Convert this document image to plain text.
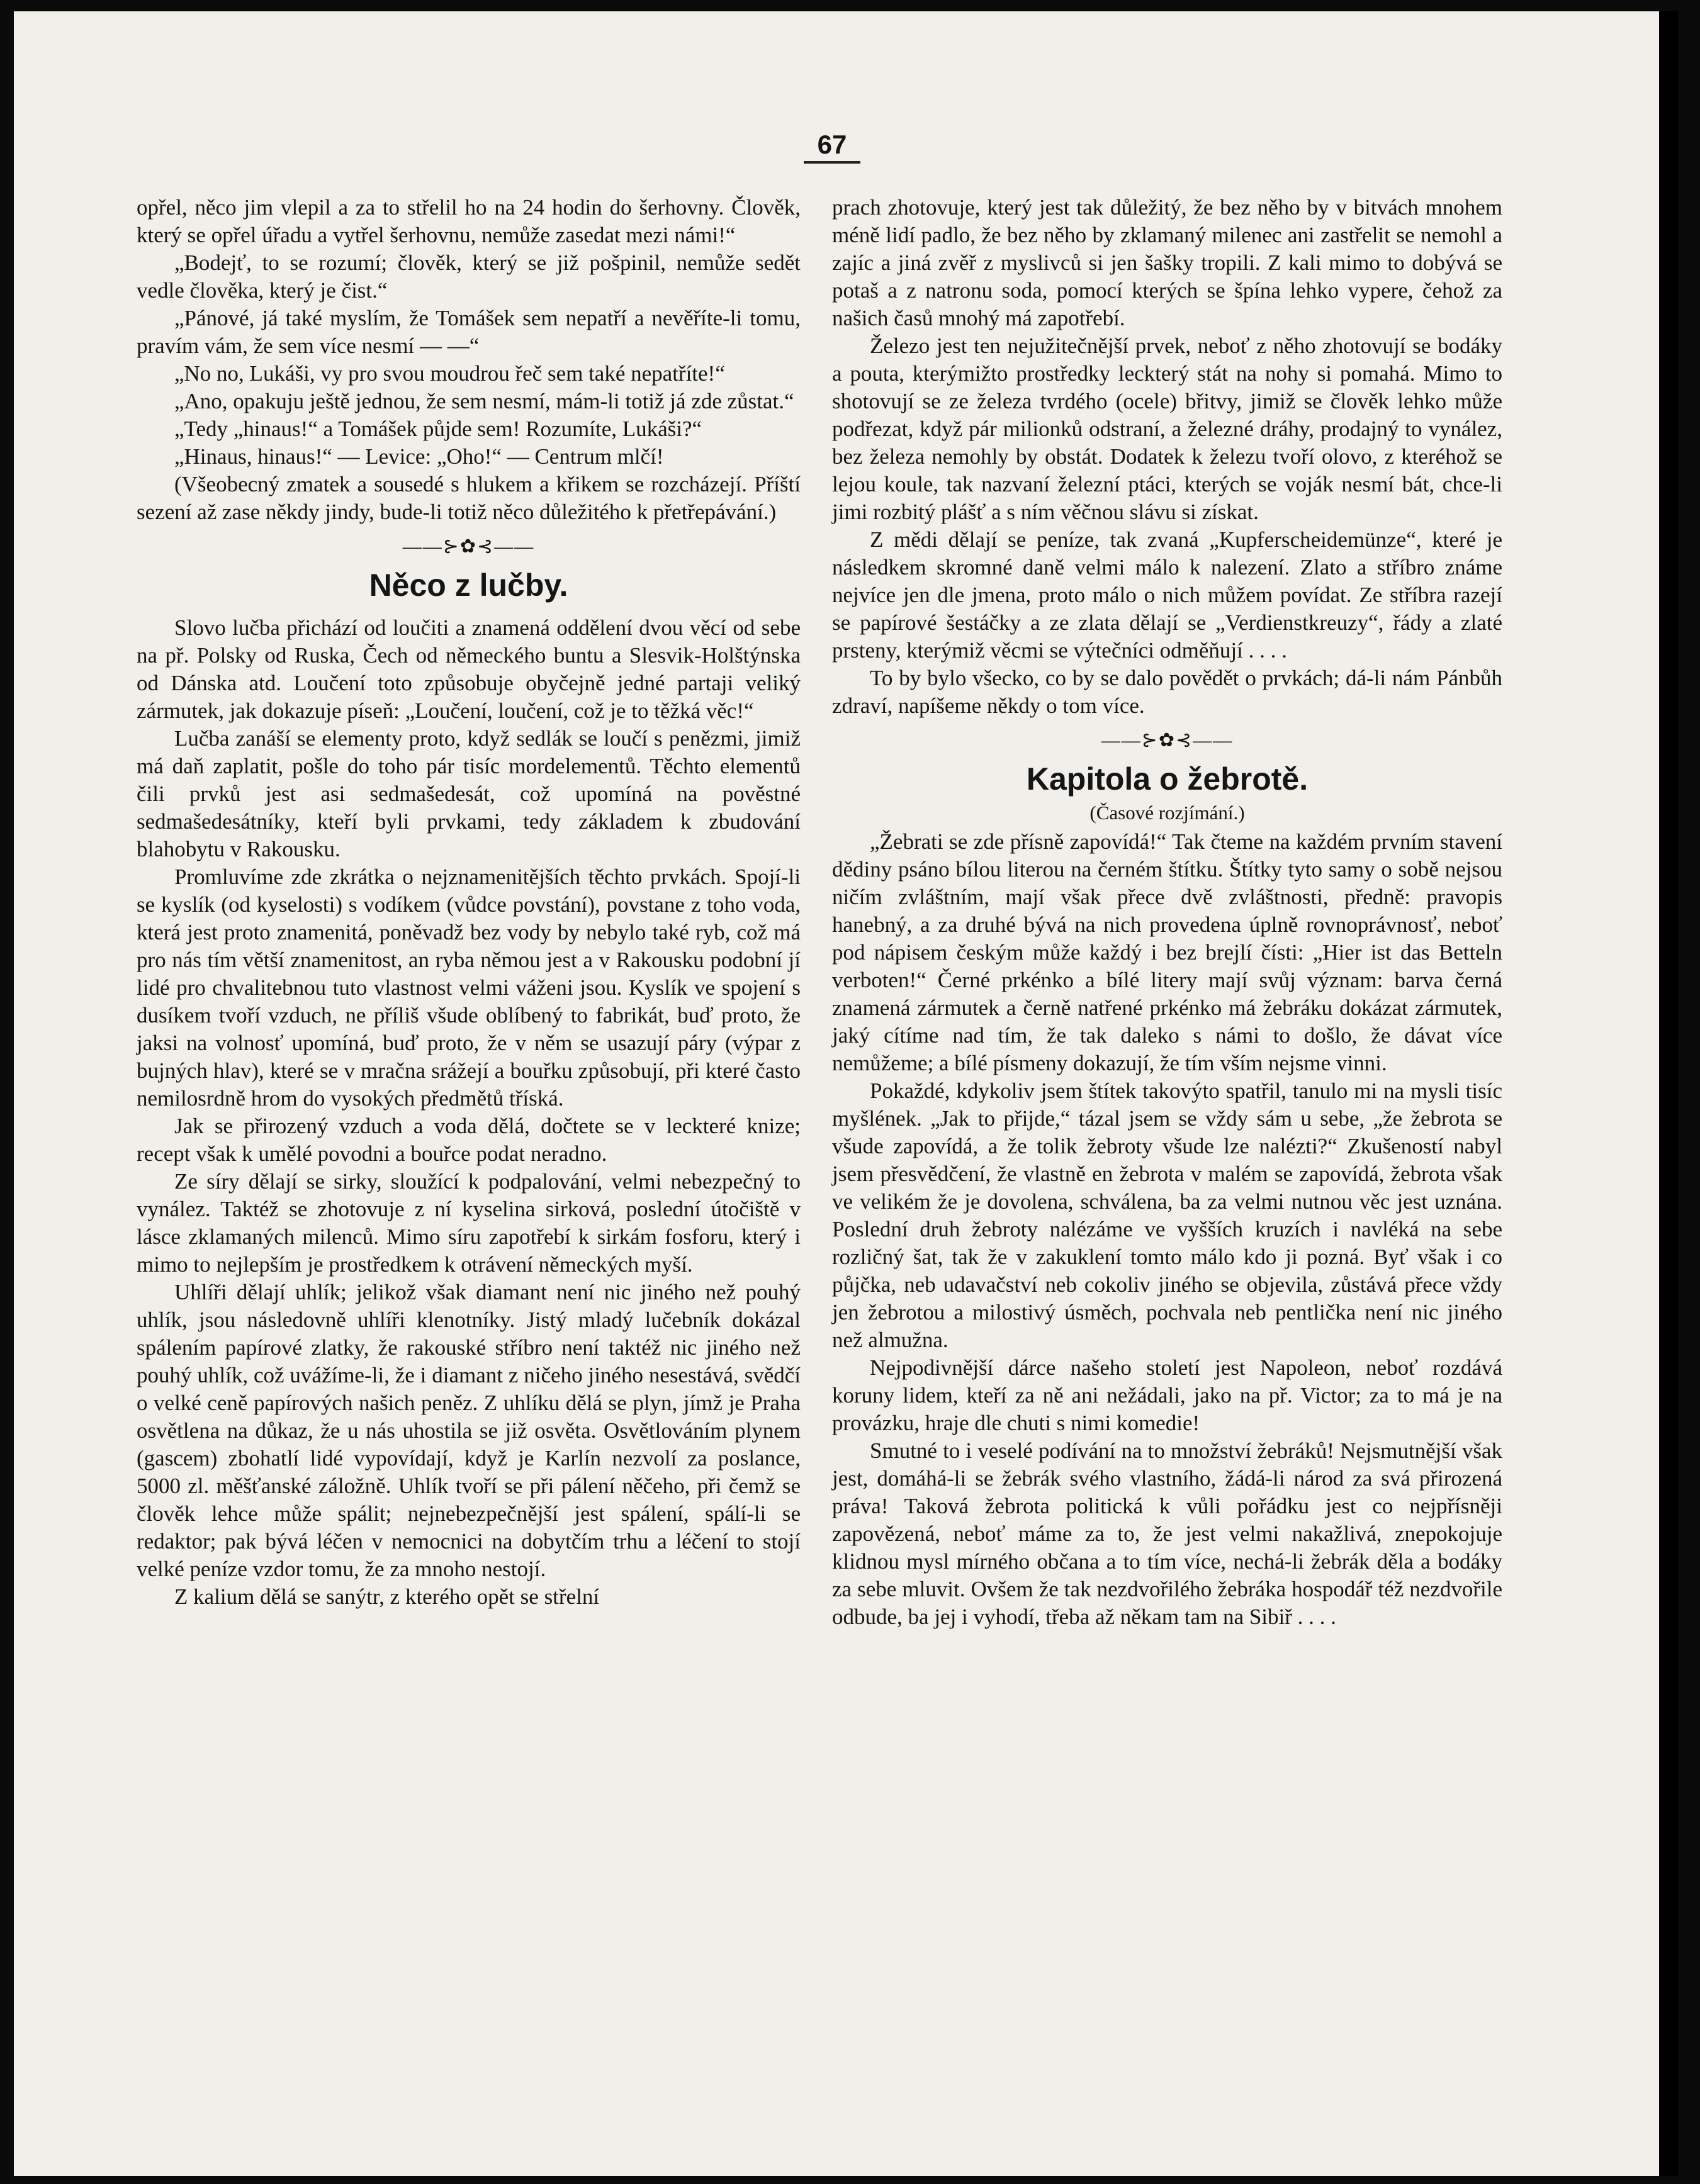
67

opřel, něco jim vlepil a za to střelil ho na 24 hodin do šerhovny. Člověk, který se opřel úřadu a vytřel šerhovnu, nemůže zasedat mezi námi!“

„Bodejť, to se rozumí; člověk, který se již pošpinil, nemůže sedět vedle člověka, který je čist.“

„Pánové, já také myslím, že Tomášek sem nepatří a nevěříte-li tomu, pravím vám, že sem více nesmí — —“

„No no, Lukáši, vy pro svou moudrou řeč sem také nepatříte!“

„Ano, opakuju ještě jednou, že sem nesmí, mám-li totiž já zde zůstat.“

„Tedy „hinaus!“ a Tomášek půjde sem! Rozumíte, Lukáši?“

„Hinaus, hinaus!“ — Levice: „Oho!“ — Centrum mlčí!

(Všeobecný zmatek a sousedé s hlukem a křikem se rozcházejí. Příští sezení až zase někdy jindy, bude-li totiž něco důležitého k přetřepávání.)

——⊱✿⊰——
Něco z lučby.

Slovo lučba přichází od loučiti a znamená oddělení dvou věcí od sebe na př. Polsky od Ruska, Čech od německého buntu a Slesvik-Holštýnska od Dánska atd. Loučení toto způsobuje obyčejně jedné partaji veliký zármutek, jak dokazuje píseň: „Loučení, loučení, což je to těžká věc!“

Lučba zanáší se elementy proto, když sedlák se loučí s penězmi, jimiž má daň zaplatit, pošle do toho pár tisíc mordelementů. Těchto elementů čili prvků jest asi sedmašedesát, což upomíná na pověstné sedmašedesátníky, kteří byli prvkami, tedy základem k zbudování blahobytu v Rakousku.

Promluvíme zde zkrátka o nejznamenitějších těchto prvkách. Spojí-li se kyslík (od kyselosti) s vodíkem (vůdce povstání), povstane z toho voda, která jest proto znamenitá, poněvadž bez vody by nebylo také ryb, což má pro nás tím větší znamenitost, an ryba němou jest a v Rakousku podobní jí lidé pro chvalitebnou tuto vlastnost velmi váženi jsou. Kyslík ve spojení s dusíkem tvoří vzduch, ne příliš všude oblíbený to fabrikát, buď proto, že jaksi na volnosť upomíná, buď proto, že v něm se usazují páry (výpar z bujných hlav), které se v mračna srážejí a bouřku způsobují, při které často nemilosrdně hrom do vysokých předmětů tříská.

Jak se přirozený vzduch a voda dělá, dočtete se v leckteré knize; recept však k umělé povodni a bouřce podat neradno.

Ze síry dělají se sirky, sloužící k podpalování, velmi nebezpečný to vynález. Taktéž se zhotovuje z ní kyselina sirková, poslední útočiště v lásce zklamaných milenců. Mimo síru zapotřebí k sirkám fosforu, který i mimo to nejlepším je prostředkem k otrávení německých myší.

Uhlíři dělají uhlík; jelikož však diamant není nic jiného než pouhý uhlík, jsou následovně uhlíři klenotníky. Jistý mladý lučebník dokázal spálením papírové zlatky, že rakouské stříbro není taktéž nic jiného než pouhý uhlík, což uvážíme-li, že i diamant z ničeho jiného nesestává, svědčí o velké ceně papírových našich peněz. Z uhlíku dělá se plyn, jímž je Praha osvětlena na důkaz, že u nás uhostila se již osvěta. Osvětlováním plynem (gascem) zbohatlí lidé vypovídají, když je Karlín nezvolí za poslance, 5000 zl. měšťanské záložně. Uhlík tvoří se při pálení něčeho, při čemž se člověk lehce může spálit; nejnebezpečnější jest spálení, spálí-li se redaktor; pak bývá léčen v nemocnici na dobytčím trhu a léčení to stojí velké peníze vzdor tomu, že za mnoho nestojí.

Z kalium dělá se sanýtr, z kterého opět se střelní

prach zhotovuje, který jest tak důležitý, že bez něho by v bitvách mnohem méně lidí padlo, že bez něho by zklamaný milenec ani zastřelit se nemohl a zajíc a jiná zvěř z myslivců si jen šašky tropili. Z kali mimo to dobývá se potaš a z natronu soda, pomocí kterých se špína lehko vypere, čehož za našich časů mnohý má zapotřebí.

Železo jest ten nejužitečnější prvek, neboť z něho zhotovují se bodáky a pouta, kterýmižto prostředky leckterý stát na nohy si pomahá. Mimo to shotovují se ze železa tvrdého (ocele) břitvy, jimiž se člověk lehko může podřezat, když pár milionků odstraní, a železné dráhy, prodajný to vynález, bez železa nemohly by obstát. Dodatek k železu tvoří olovo, z kteréhož se lejou koule, tak nazvaní železní ptáci, kterých se voják nesmí bát, chce-li jimi rozbitý plášť a s ním věčnou slávu si získat.

Z mědi dělají se peníze, tak zvaná „Kupferscheidemünze“, které je následkem skromné daně velmi málo k nalezení. Zlato a stříbro známe nejvíce jen dle jmena, proto málo o nich můžem povídat. Ze stříbra razejí se papírové šestáčky a ze zlata dělají se „Verdienstkreuzy“, řády a zlaté prsteny, kterýmiž věcmi se výtečníci odměňují . . . .

To by bylo všecko, co by se dalo povědět o prvkách; dá-li nám Pánbůh zdraví, napíšeme někdy o tom více.

——⊱✿⊰——
Kapitola o žebrotě.
(Časové rozjímání.)

„Žebrati se zde přísně zapovídá!“ Tak čteme na každém prvním stavení dědiny psáno bílou literou na černém štítku. Štítky tyto samy o sobě nejsou ničím zvláštním, mají však přece dvě zvláštnosti, předně: pravopis hanebný, a za druhé bývá na nich provedena úplně rovnoprávnosť, neboť pod nápisem českým může každý i bez brejlí čísti: „Hier ist das Betteln verboten!“ Černé prkénko a bílé litery mají svůj význam: barva černá znamená zármutek a černě natřené prkénko má žebráku dokázat zármutek, jaký cítíme nad tím, že tak daleko s námi to došlo, že dávat více nemůžeme; a bílé písmeny dokazují, že tím vším nejsme vinni.

Pokaždé, kdykoliv jsem štítek takovýto spatřil, tanulo mi na mysli tisíc myšlének. „Jak to přijde,“ tázal jsem se vždy sám u sebe, „že žebrota se všude zapovídá, a že tolik žebroty všude lze nalézti?“ Zkušeností nabyl jsem přesvědčení, že vlastně en žebrota v malém se zapovídá, žebrota však ve velikém že je dovolena, schválena, ba za velmi nutnou věc jest uznána. Poslední druh žebroty nalézáme ve vyšších kruzích i navléká na sebe rozličný šat, tak že v zakuklení tomto málo kdo ji pozná. Byť však i co půjčka, neb udavačství neb cokoliv jiného se objevila, zůstává přece vždy jen žebrotou a milostivý úsměch, pochvala neb pentlička není nic jiného než almužna.

Nejpodivnější dárce našeho století jest Napoleon, neboť rozdává koruny lidem, kteří za ně ani nežádali, jako na př. Victor; za to má je na provázku, hraje dle chuti s nimi komedie!

Smutné to i veselé podívání na to množství žebráků! Nejsmutnější však jest, domáhá-li se žebrák svého vlastního, žádá-li národ za svá přirozená práva! Taková žebrota politická k vůli pořádku jest co nejpřísněji zapovězená, neboť máme za to, že jest velmi nakažlivá, znepokojuje klidnou mysl mírného občana a to tím více, nechá-li žebrák děla a bodáky za sebe mluvit. Ovšem že tak nezdvořilého žebráka hospodář též nezdvořile odbude, ba jej i vyhodí, třeba až někam tam na Sibiř . . . .
